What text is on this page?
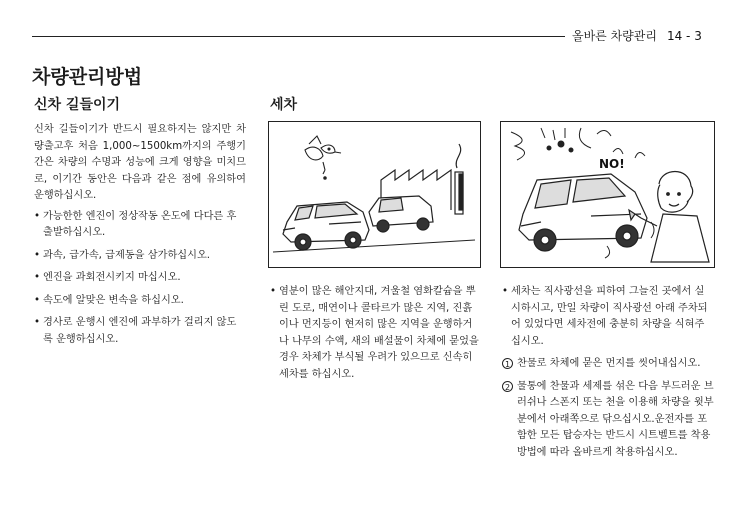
올바른 차량관리 14 - 3
차량관리방법
신차 길들이기	세차

신차 길들이기가 반드시 필요하지는 않지만 차량출고후 처음 1,000~1500km까지의 주행기간은 차량의 수명과 성능에 크게 영향을 미치므로, 이기간 동안은 다음과 같은 점에 유의하여 운행하십시오.

• 가능한한 엔진이 정상작동 온도에 다다른 후 출발하십시오.
• 과속, 급가속, 급제동을 삼가하십시오.
• 엔진을 과회전시키지 마십시오.
• 속도에 알맞은 변속을 하십시오.
• 경사로 운행시 엔진에 과부하가 걸리지 않도록 운행하십시오.
NO!
• 염분이 많은 해안지대, 겨울철 염화칼슘을 뿌린 도로, 매연이나 콜타르가 많은 지역, 진흙이나 먼지등이 현저히 많은 지역을 운행하거나 나무의 수액, 새의 배설물이 차체에 묻었을 경우 차체가 부식될 우려가 있으므로 신속히 세차를 하십시오.
• 세차는 직사광선을 피하여 그늘진 곳에서 실시하시고, 만일 차량이 직사광선 아래 주차되어 있었다면 세차전에 충분히 차량을 식혀주십시오.
1 찬물로 차체에 묻은 먼지를 씻어내십시오.
2 물통에 찬물과 세제를 섞은 다음 부드러운 브러쉬나 스폰지 또는 천을 이용해 차량을 윗부분에서 아래쪽으로 닦으십시오.운전자를 포함한 모든 탑승자는 반드시 시트벨트를 착용방법에 따라 올바르게 착용하십시오.
